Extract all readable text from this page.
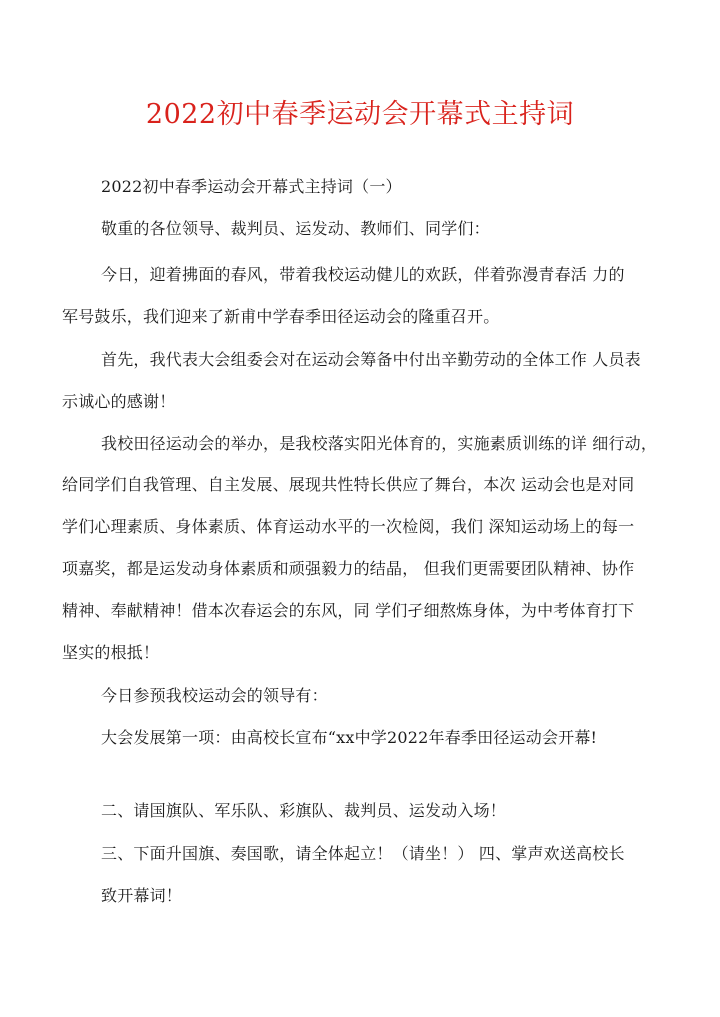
2022初中春季运动会开幕式主持词
2022初中春季运动会开幕式主持词（一）
敬重的各位领导、裁判员、运发动、教师们、同学们：
今日，迎着拂面的春风，带着我校运动健儿的欢跃，伴着弥漫青春活 力的
军号鼓乐，我们迎来了新甫中学春季田径运动会的隆重召开。
首先，我代表大会组委会对在运动会筹备中付出辛勤劳动的全体工作 人员表
示诚心的感谢！
我校田径运动会的举办，是我校落实阳光体育的，实施素质训练的详 细行动，
给同学们自我管理、自主发展、展现共性特长供应了舞台，本次 运动会也是对同
学们心理素质、身体素质、体育运动水平的一次检阅，我们 深知运动场上的每一
项嘉奖，都是运发动身体素质和顽强毅力的结晶， 但我们更需要团队精神、协作
精神、奉献精神！借本次春运会的东风，同 学们孑细熬炼身体，为中考体育打下
坚实的根抵！
今日参预我校运动会的领导有：
大会发展第一项：由高校长宣布“xx中学2022年春季田径运动会开幕!
二、请国旗队、军乐队、彩旗队、裁判员、运发动入场！
三、下面升国旗、奏国歌，请全体起立！（请坐！） 四、掌声欢送高校长
致开幕词！
